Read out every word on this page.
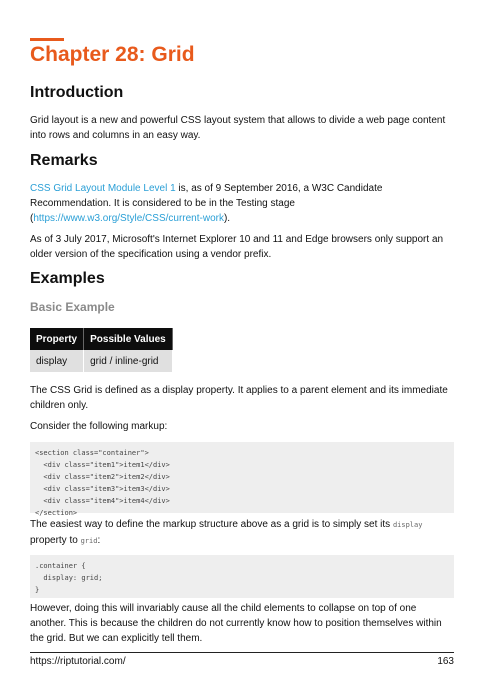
Chapter 28: Grid
Introduction

Grid layout is a new and powerful CSS layout system that allows to divide a web page content into rows and columns in an easy way.

Remarks

CSS Grid Layout Module Level 1 is, as of 9 September 2016, a W3C Candidate Recommendation. It is considered to be in the Testing stage (https://www.w3.org/Style/CSS/current-work).

As of 3 July 2017, Microsoft's Internet Explorer 10 and 11 and Edge browsers only support an older version of the specification using a vendor prefix.

Examples
Basic Example
Property	Possible Values
display	grid / inline-grid

The CSS Grid is defined as a display property. It applies to a parent element and its immediate children only.

Consider the following markup:

<section class="container">
<div class="item1">item1</div>
<div class="item2">item2</div>
<div class="item3">item3</div>
<div class="item4">item4</div>
</section>

The easiest way to define the markup structure above as a grid is to simply set its display property to grid:

.container {
display: grid;
}

However, doing this will invariably cause all the child elements to collapse on top of one another. This is because the children do not currently know how to position themselves within the grid. But we can explicitly tell them.

https://riptutorial.com/	163
